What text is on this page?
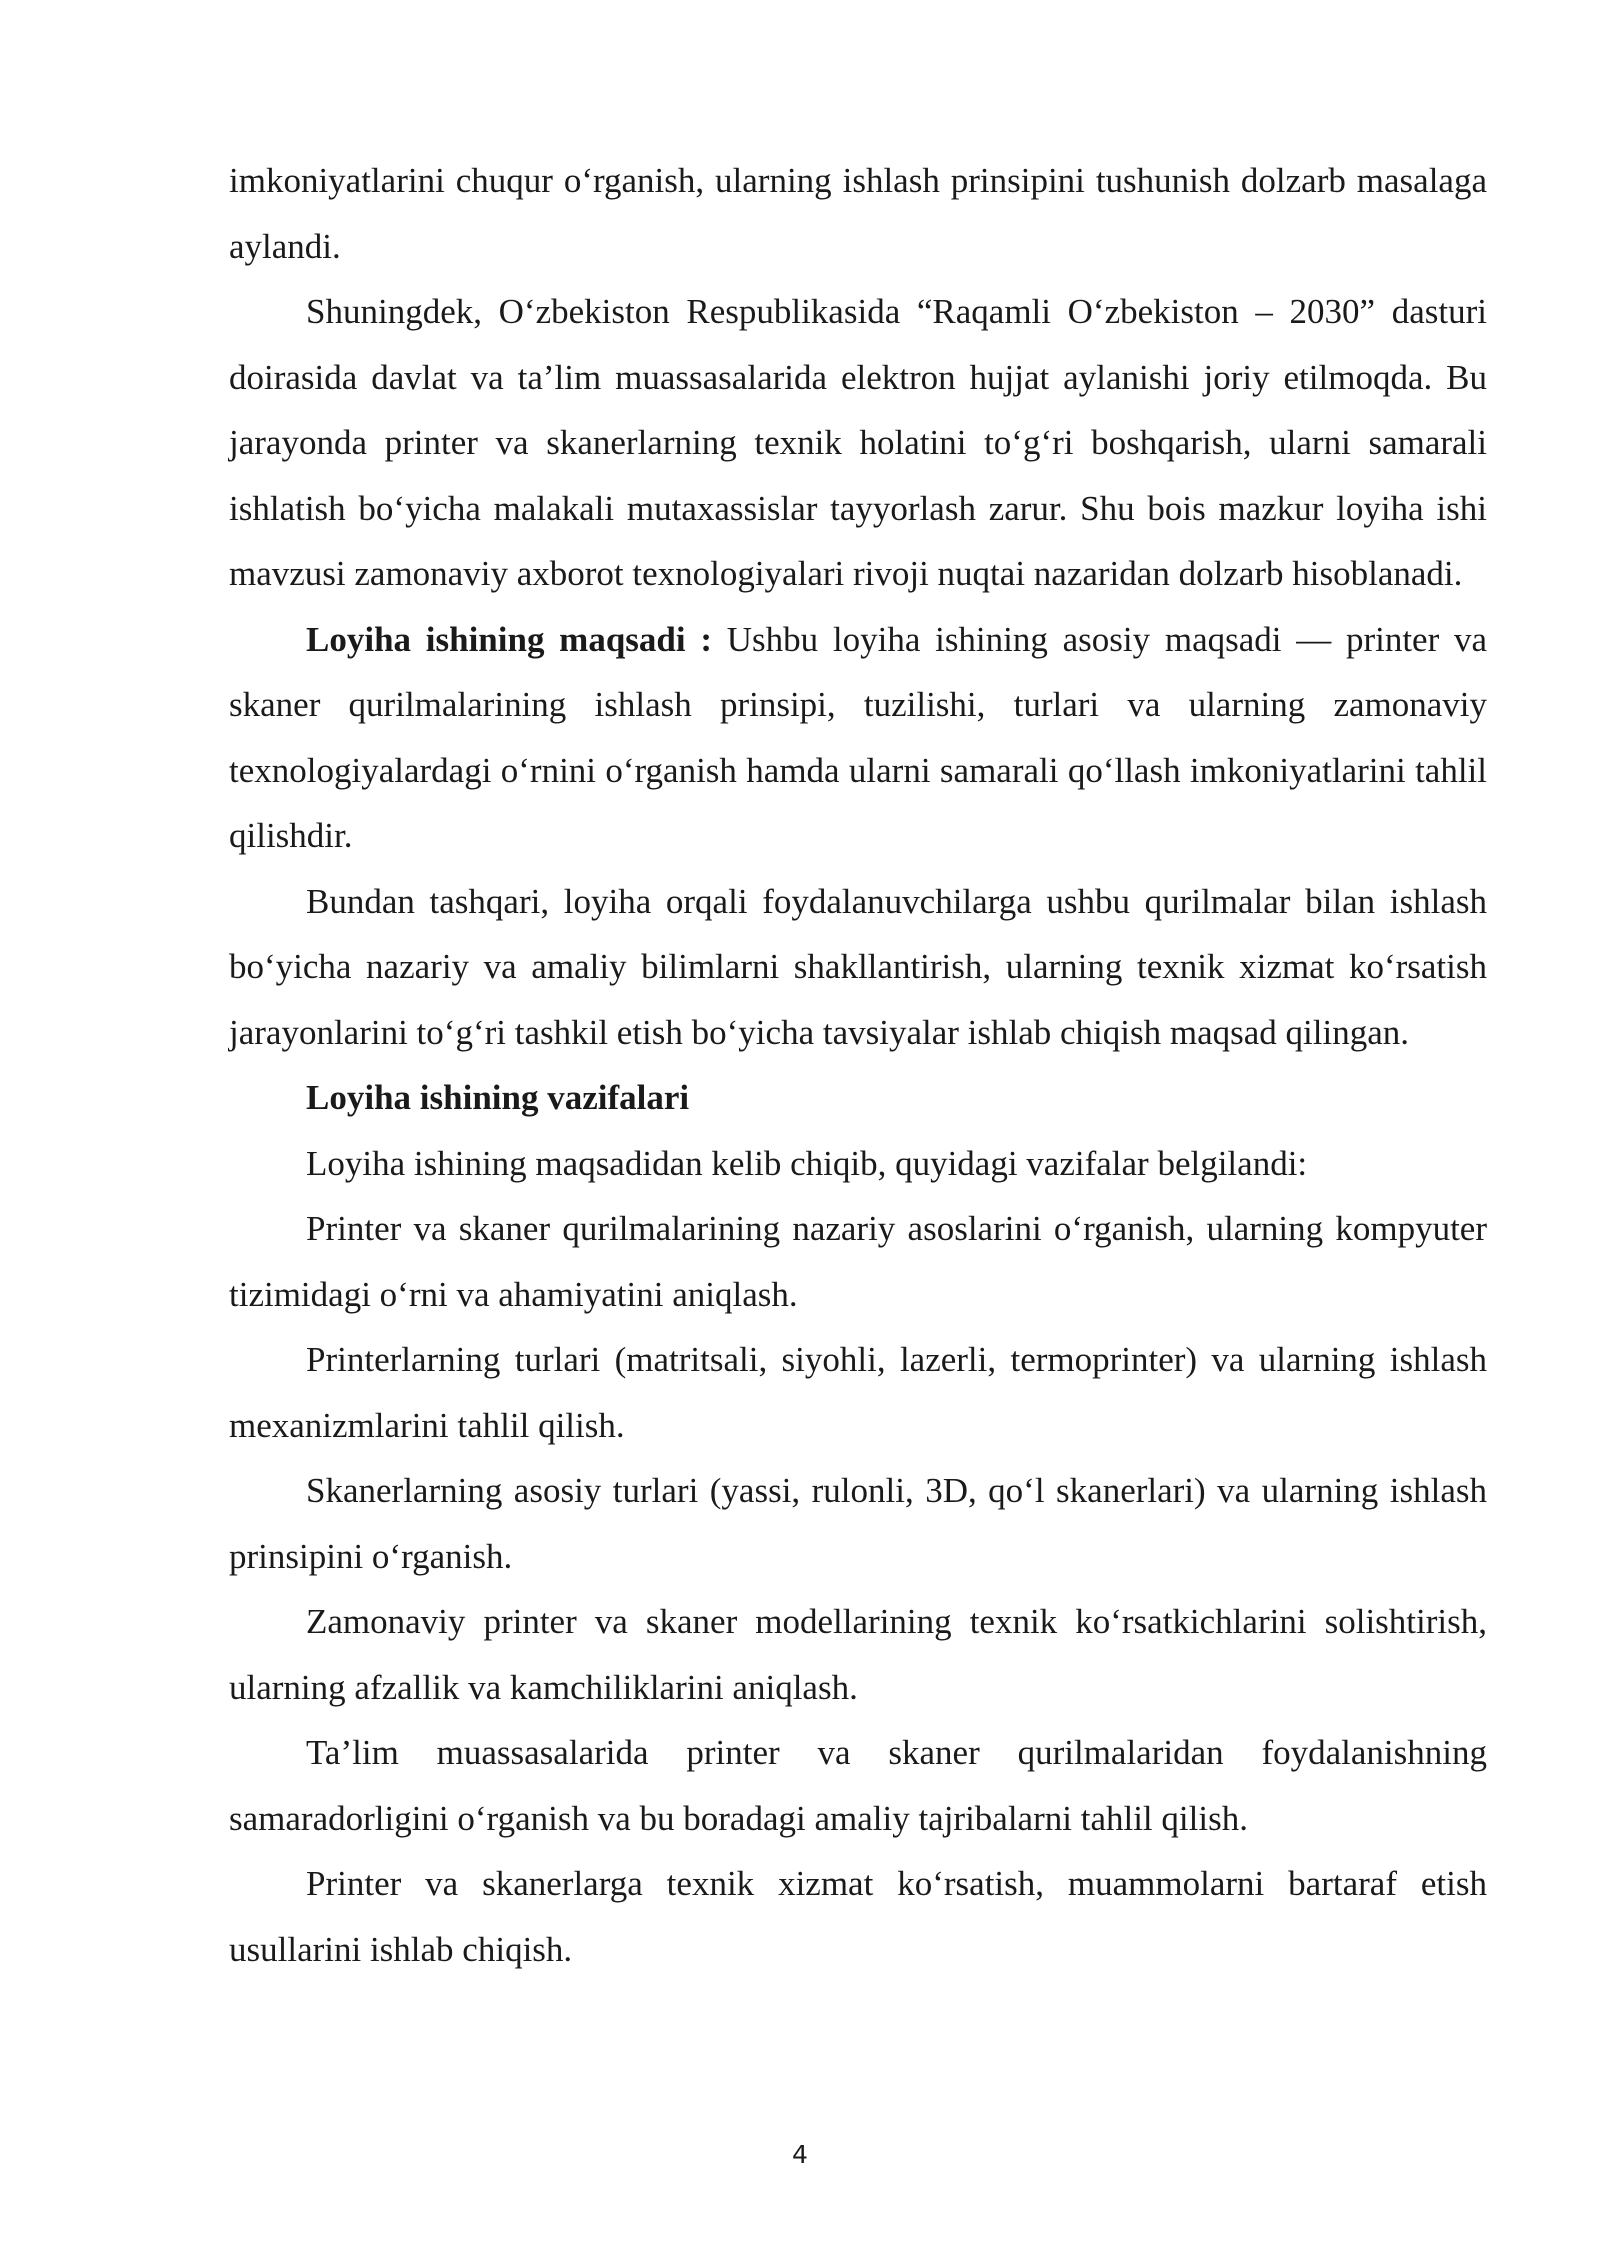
imkoniyatlarini chuqur o‘rganish, ularning ishlash prinsipini tushunish dolzarb masalaga aylandi.

Shuningdek, O‘zbekiston Respublikasida “Raqamli O‘zbekiston – 2030” dasturi doirasida davlat va ta’lim muassasalarida elektron hujjat aylanishi joriy etilmoqda. Bu jarayonda printer va skanerlarning texnik holatini to‘g‘ri boshqarish, ularni samarali ishlatish bo‘yicha malakali mutaxassislar tayyorlash zarur. Shu bois mazkur loyiha ishi mavzusi zamonaviy axborot texnologiyalari rivoji nuqtai nazaridan dolzarb hisoblanadi.

Loyiha ishining maqsadi : Ushbu loyiha ishining asosiy maqsadi — printer va skaner qurilmalarining ishlash prinsipi, tuzilishi, turlari va ularning zamonaviy texnologiyalardagi o‘rnini o‘rganish hamda ularni samarali qo‘llash imkoniyatlarini tahlil qilishdir.

Bundan tashqari, loyiha orqali foydalanuvchilarga ushbu qurilmalar bilan ishlash bo‘yicha nazariy va amaliy bilimlarni shakllantirish, ularning texnik xizmat ko‘rsatish jarayonlarini to‘g‘ri tashkil etish bo‘yicha tavsiyalar ishlab chiqish maqsad qilingan.

Loyiha ishining vazifalari

Loyiha ishining maqsadidan kelib chiqib, quyidagi vazifalar belgilandi:

Printer va skaner qurilmalarining nazariy asoslarini o‘rganish, ularning kompyuter tizimidagi o‘rni va ahamiyatini aniqlash.

Printerlarning turlari (matritsali, siyohli, lazerli, termoprinter) va ularning ishlash mexanizmlarini tahlil qilish.

Skanerlarning asosiy turlari (yassi, rulonli, 3D, qo‘l skanerlari) va ularning ishlash prinsipini o‘rganish.

Zamonaviy printer va skaner modellarining texnik ko‘rsatkichlarini solishtirish, ularning afzallik va kamchiliklarini aniqlash.

Ta’lim muassasalarida printer va skaner qurilmalaridan foydalanishning samaradorligini o‘rganish va bu boradagi amaliy tajribalarni tahlil qilish.

Printer va skanerlarga texnik xizmat ko‘rsatish, muammolarni bartaraf etish usullarini ishlab chiqish.

4
